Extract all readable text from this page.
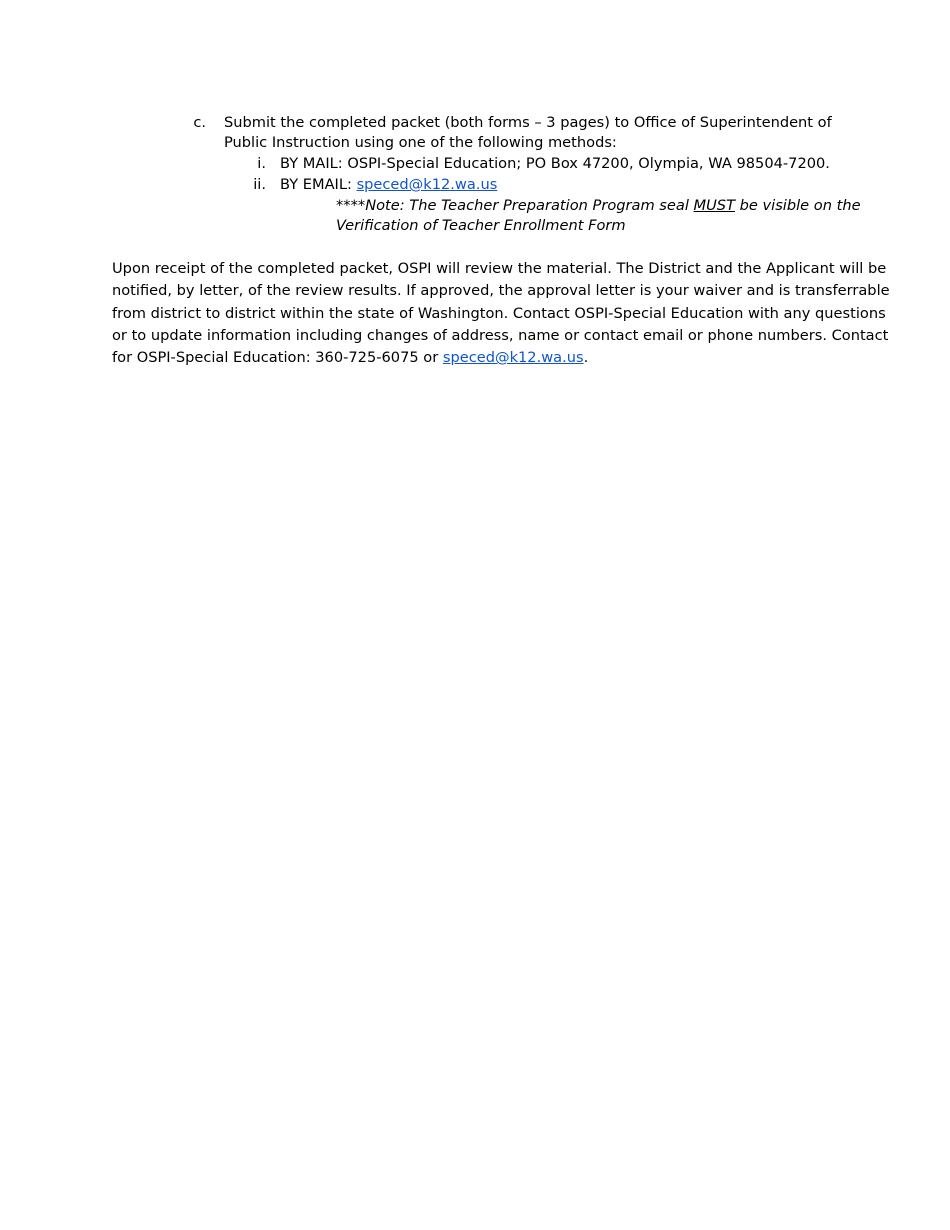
c. Submit the completed packet (both forms – 3 pages) to Office of Superintendent of
Public Instruction using one of the following methods:
i. BY MAIL: OSPI-Special Education; PO Box 47200, Olympia, WA 98504-7200.
ii. BY EMAIL: speced@k12.wa.us
****Note: The Teacher Preparation Program seal MUST be visible on the
Verification of Teacher Enrollment Form
Upon receipt of the completed packet, OSPI will review the material. The District and the Applicant will be
notified, by letter, of the review results. If approved, the approval letter is your waiver and is transferrable
from district to district within the state of Washington. Contact OSPI-Special Education with any questions
or to update information including changes of address, name or contact email or phone numbers. Contact
for OSPI-Special Education: 360-725-6075 or speced@k12.wa.us.
